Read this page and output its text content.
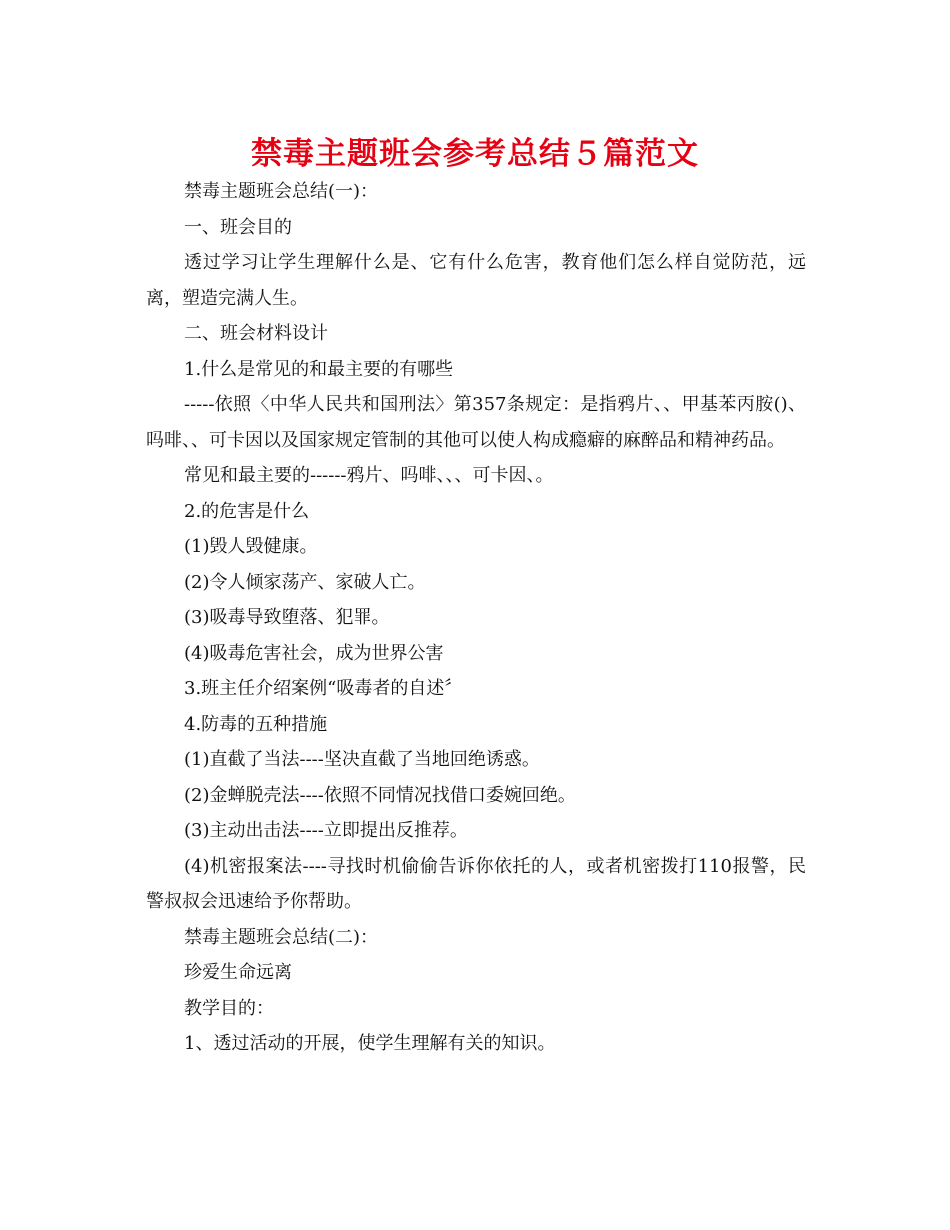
禁毒主题班会参考总结５篇范文

禁毒主题班会总结(一)：

一、班会目的

透过学习让学生理解什么是、它有什么危害，教育他们怎么样自觉防范，远离，塑造完满人生。

二、班会材料设计

1.什么是常见的和最主要的有哪些

-----依照〈中华人民共和国刑法〉第357条规定：是指鸦片、、甲基苯丙胺()、吗啡、、可卡因以及国家规定管制的其他可以使人构成瘾癖的麻醉品和精神药品。

常见和最主要的------鸦片、吗啡、、、可卡因、。

2.的危害是什么

(1)毁人毁健康。

(2)令人倾家荡产、家破人亡。

(3)吸毒导致堕落、犯罪。

(4)吸毒危害社会，成为世界公害

3.班主任介绍案例“吸毒者的自述〞

4.防毒的五种措施

(1)直截了当法----坚决直截了当地回绝诱惑。

(2)金蝉脱壳法----依照不同情况找借口委婉回绝。

(3)主动出击法----立即提出反推荐。

(4)机密报案法----寻找时机偷偷告诉你依托的人，或者机密拨打110报警，民警叔叔会迅速给予你帮助。

禁毒主题班会总结(二)：

珍爱生命远离

教学目的：

1、透过活动的开展，使学生理解有关的知识。
